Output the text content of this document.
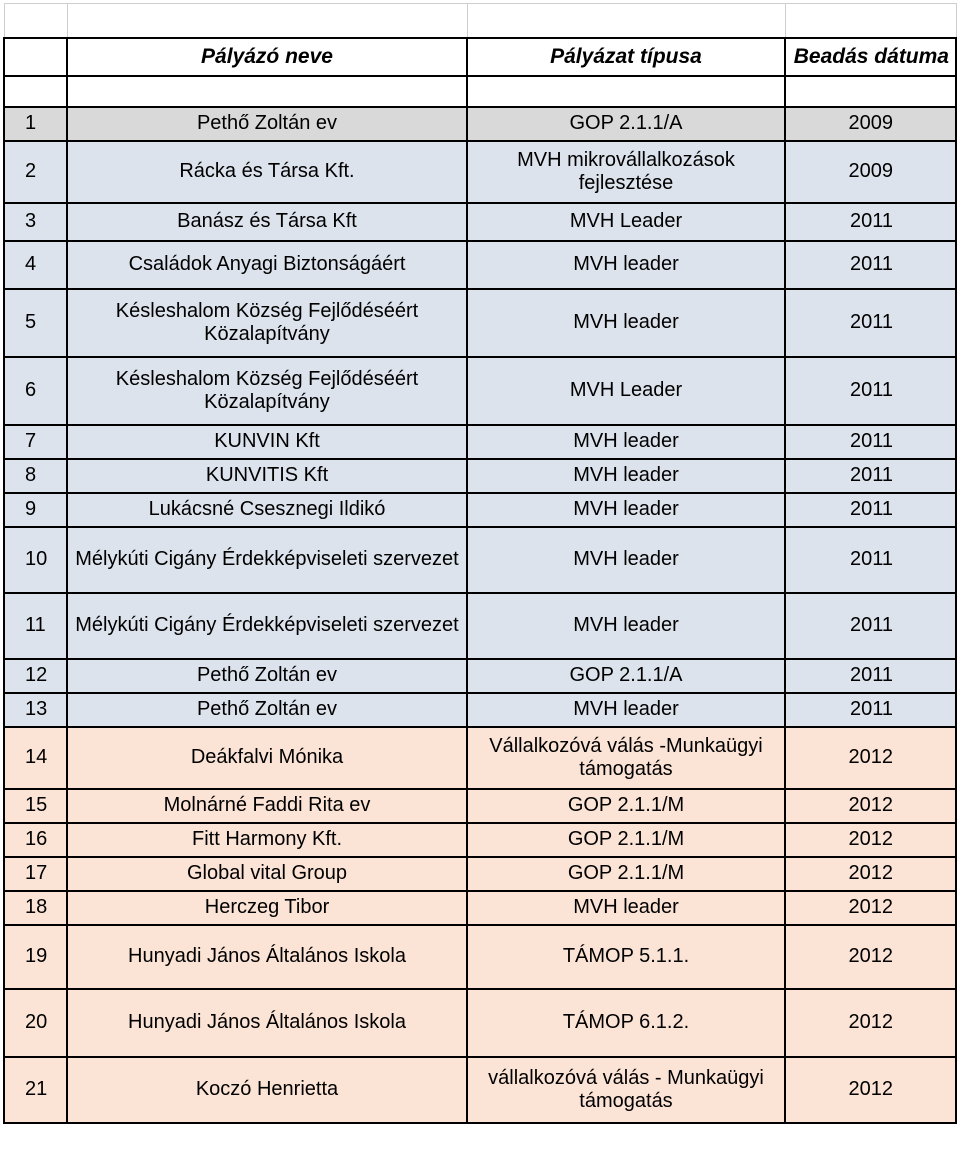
	Pályázó neve	Pályázat típusa	Beadás dátuma

1	Pethő Zoltán ev	GOP 2.1.1/A	2009
2	Rácka és Társa Kft.	MVH mikrovállalkozások fejlesztése	2009
3	Banász és Társa Kft	MVH Leader	2011
4	Családok Anyagi Biztonságáért	MVH leader	2011
5	Késleshalom Község Fejlődéséért Közalapítvány	MVH leader	2011
6	Késleshalom Község Fejlődéséért Közalapítvány	MVH Leader	2011
7	KUNVIN Kft	MVH leader	2011
8	KUNVITIS Kft	MVH leader	2011
9	Lukácsné Csesznegi Ildikó	MVH leader	2011
10	Mélykúti Cigány Érdekképviseleti szervezet	MVH leader	2011
11	Mélykúti Cigány Érdekképviseleti szervezet	MVH leader	2011
12	Pethő Zoltán ev	GOP 2.1.1/A	2011
13	Pethő Zoltán ev	MVH leader	2011
14	Deákfalvi Mónika	Vállalkozóvá válás -Munkaügyi támogatás	2012
15	Molnárné Faddi Rita ev	GOP 2.1.1/M	2012
16	Fitt Harmony Kft.	GOP 2.1.1/M	2012
17	Global vital Group	GOP 2.1.1/M	2012
18	Herczeg Tibor	MVH leader	2012
19	Hunyadi János Általános Iskola	TÁMOP 5.1.1.	2012
20	Hunyadi János Általános Iskola	TÁMOP 6.1.2.	2012
21	Koczó Henrietta	vállalkozóvá válás - Munkaügyi támogatás	2012
